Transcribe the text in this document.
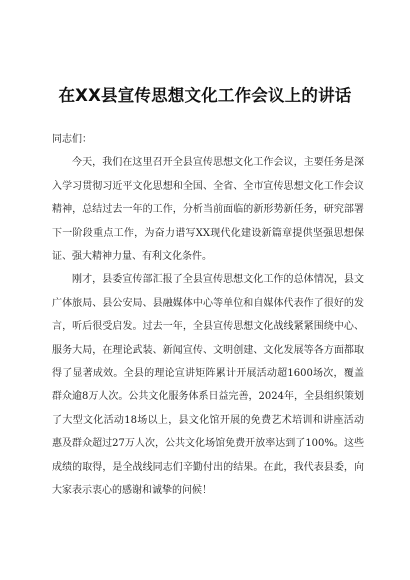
在XX县宣传思想文化工作会议上的讲话

同志们：

今天，我们在这里召开全县宣传思想文化工作会议，主要任务是深入学习贯彻习近平文化思想和全国、全省、全市宣传思想文化工作会议精神，总结过去一年的工作，分析当前面临的新形势新任务，研究部署下一阶段重点工作，为奋力谱写XX现代化建设新篇章提供坚强思想保证、强大精神力量、有利文化条件。

刚才，县委宣传部汇报了全县宣传思想文化工作的总体情况，县文广体旅局、县公安局、县融媒体中心等单位和自媒体代表作了很好的发言，听后很受启发。过去一年，全县宣传思想文化战线紧紧围绕中心、服务大局，在理论武装、新闻宣传、文明创建、文化发展等各方面都取得了显著成效。全县的理论宣讲矩阵累计开展活动超1600场次，覆盖群众逾8万人次。公共文化服务体系日益完善，2024年，全县组织策划了大型文化活动18场以上，县文化馆开展的免费艺术培训和讲座活动惠及群众超过27万人次，公共文化场馆免费开放率达到了100%。这些成绩的取得，是全战线同志们辛勤付出的结果。在此，我代表县委，向大家表示衷心的感谢和诚挚的问候！
